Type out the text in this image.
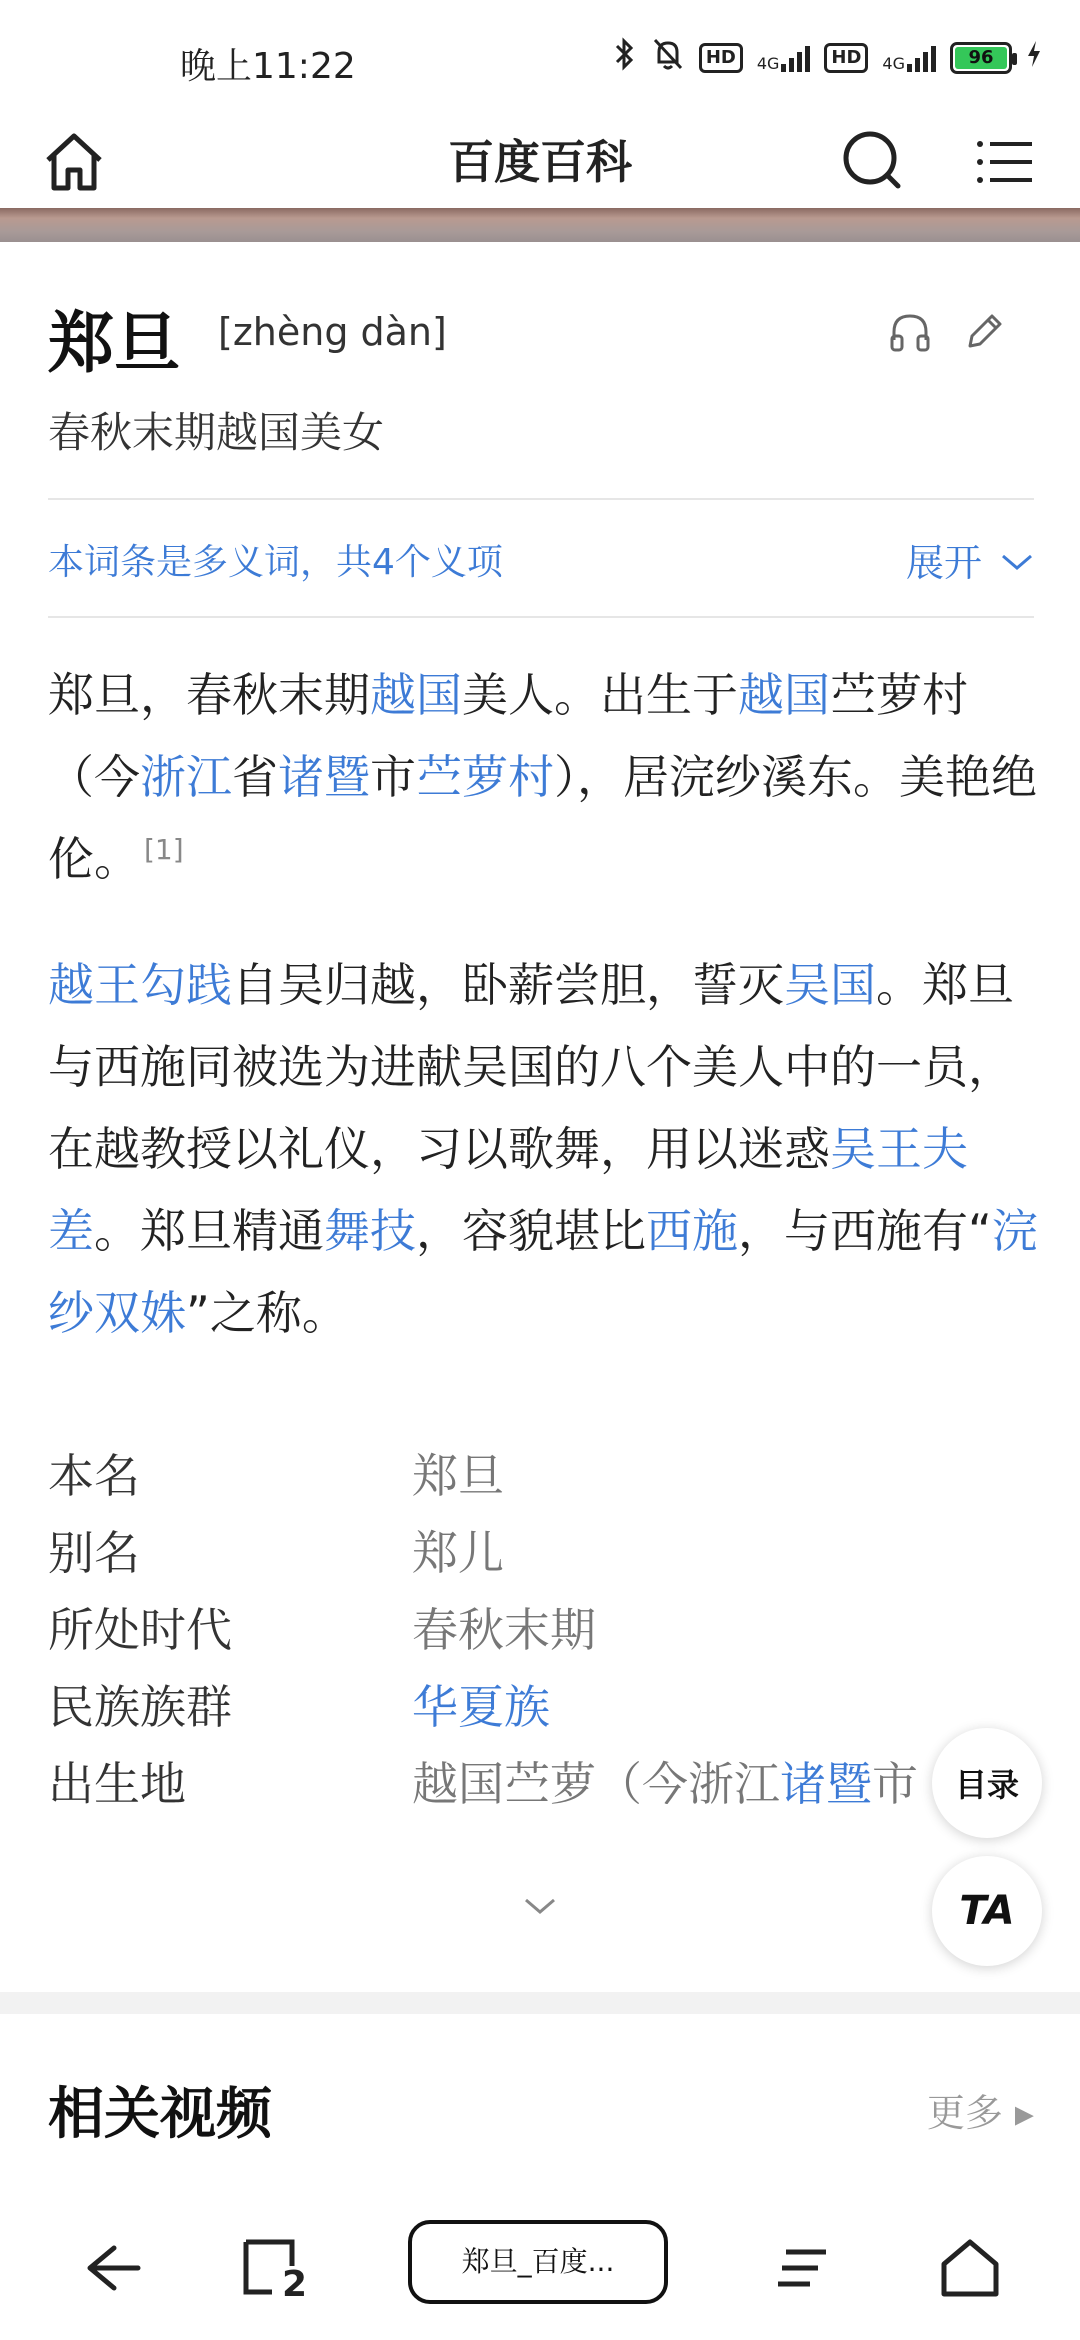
晚上11:22	HD	4G	HD	4G	96
百度百科
郑旦 [zhèng dàn]
春秋末期越国美女
本词条是多义词，共4个义项	展开
郑旦，春秋末期越国美人。出生于越国苎萝村（今浙江省诸暨市苎萝村），居浣纱溪东。美艳绝伦。 [1]
越王勾践自吴归越，卧薪尝胆，誓灭吴国。郑旦与西施同被选为进献吴国的八个美人中的一员，在越教授以礼仪，习以歌舞，用以迷惑吴王夫差。郑旦精通舞技，容貌堪比西施，与西施有“浣纱双姝”之称。
本名	郑旦
别名	郑儿
所处时代	春秋末期
民族族群	华夏族
出生地	越国苎萝（今浙江诸暨市	目录
TA
相关视频	更多 ▸
2
郑旦_百度...
